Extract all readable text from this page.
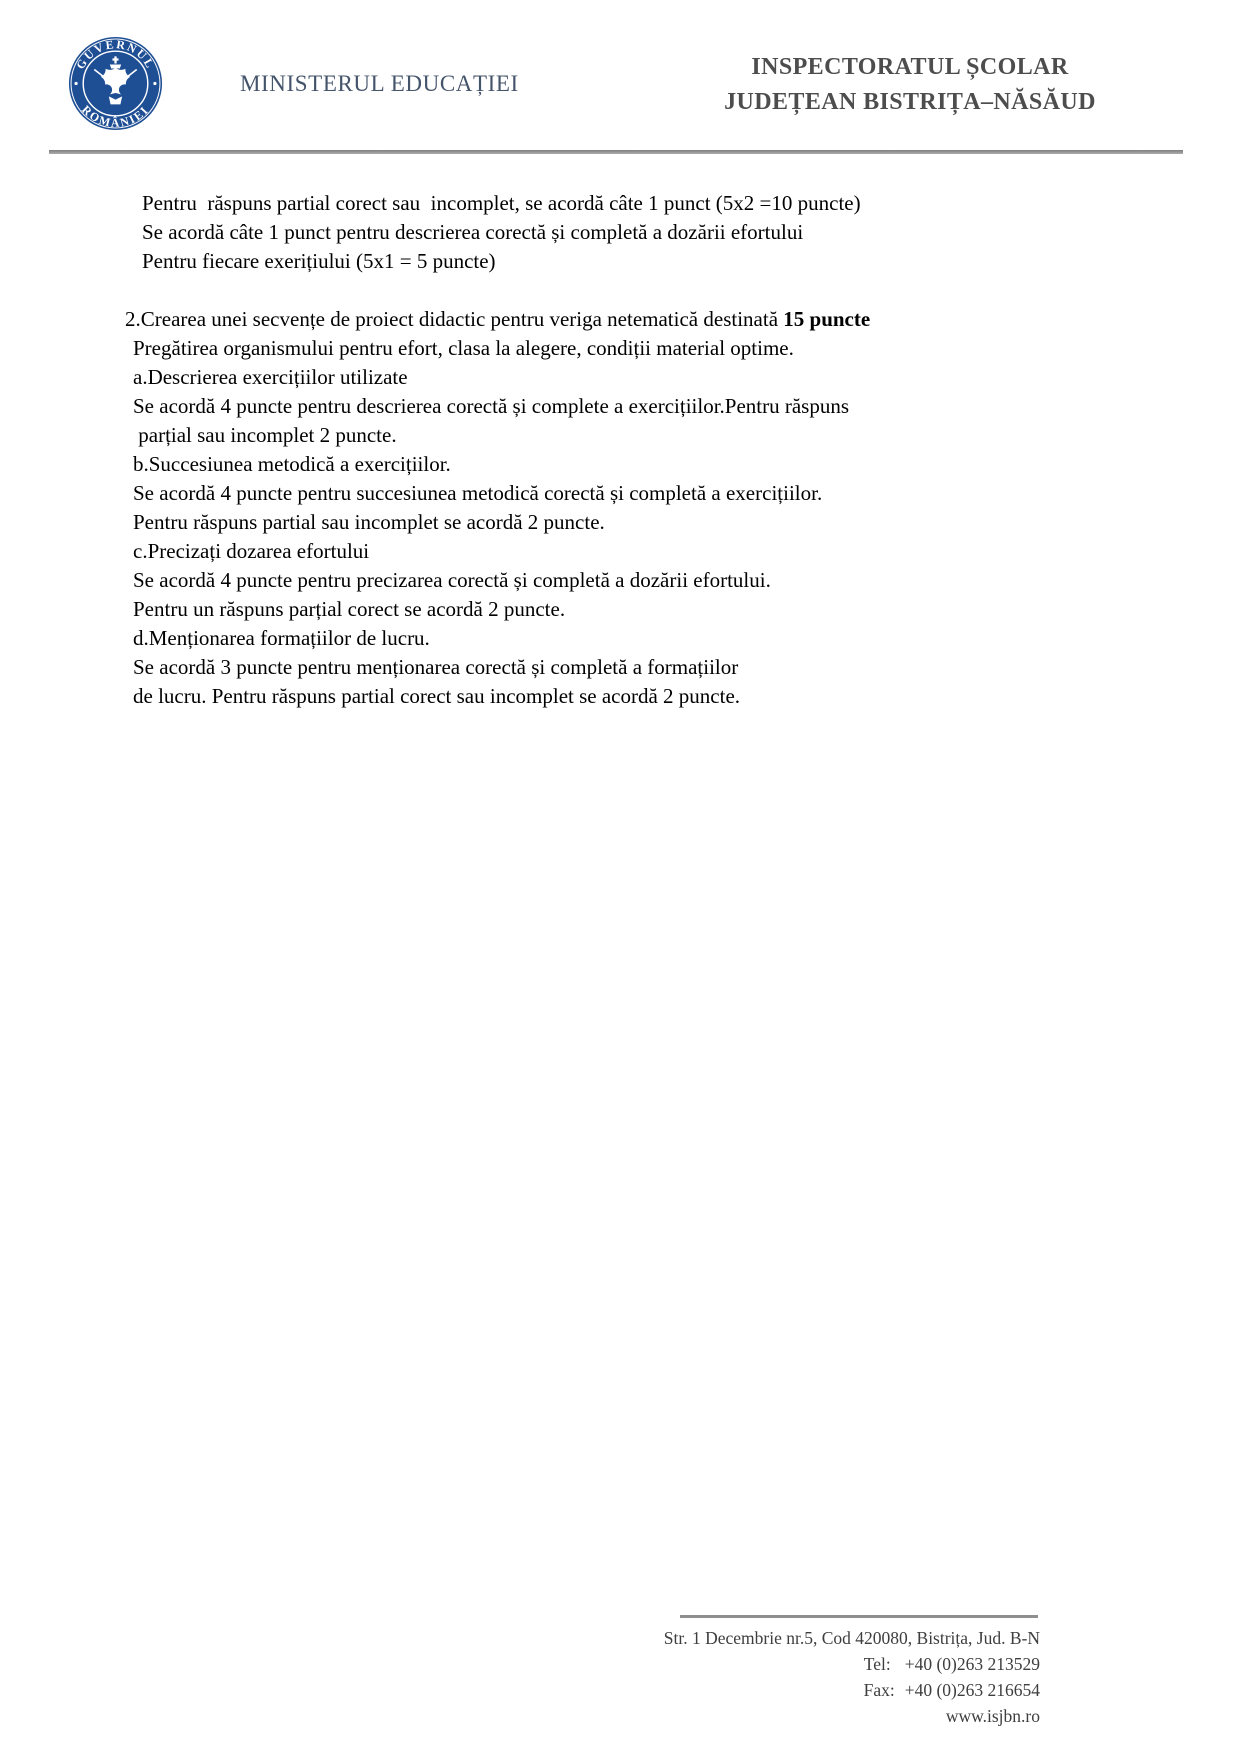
GUVERNUL
ROMÂNIEI
MINISTERUL EDUCAȚIEI
INSPECTORATUL ȘCOLAR
JUDEȚEAN BISTRIȚA–NĂSĂUD
Pentru  răspuns partial corect sau  incomplet, se acordă câte 1 punct (5x2 =10 puncte)
Se acordă câte 1 punct pentru descrierea corectă și completă a dozării efortului
Pentru fiecare exerițiului (5x1 = 5 puncte)
2.Crearea unei secvențe de proiect didactic pentru veriga netematică destinată 15 puncte
Pregătirea organismului pentru efort, clasa la alegere, condiții material optime.
a.Descrierea exercițiilor utilizate
Se acordă 4 puncte pentru descrierea corectă și complete a exercițiilor.Pentru răspuns
parțial sau incomplet 2 puncte.
b.Succesiunea metodică a exercițiilor.
Se acordă 4 puncte pentru succesiunea metodică corectă și completă a exercițiilor.
Pentru răspuns partial sau incomplet se acordă 2 puncte.
c.Precizați dozarea efortului
Se acordă 4 puncte pentru precizarea corectă și completă a dozării efortului.
Pentru un răspuns parțial corect se acordă 2 puncte.
d.Menționarea formațiilor de lucru.
Se acordă 3 puncte pentru menționarea corectă și completă a formațiilor
de lucru. Pentru răspuns partial corect sau incomplet se acordă 2 puncte.
Str. 1 Decembrie nr.5, Cod 420080, Bistrița, Jud. B-N
Tel: +40 (0)263 213529
Fax: +40 (0)263 216654
www.isjbn.ro
